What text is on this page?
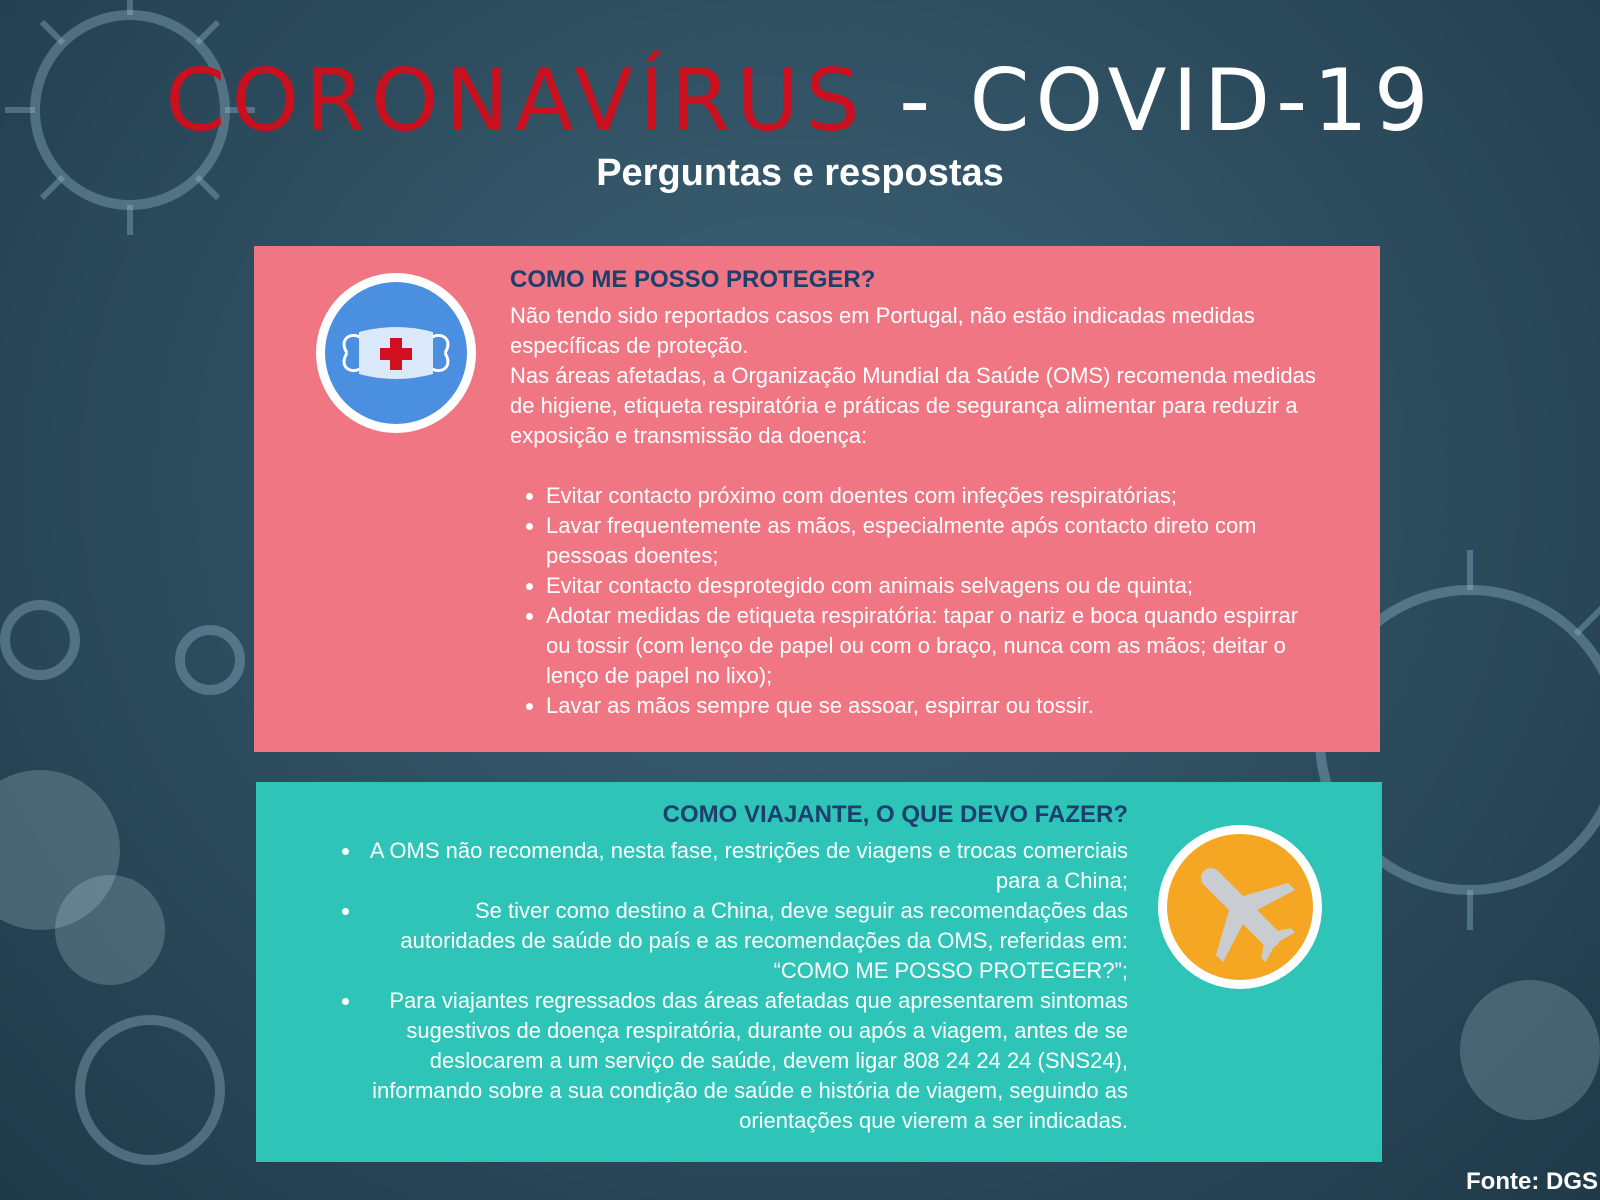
CORONAVÍRUS - COVID-19
Perguntas e respostas
COMO ME POSSO PROTEGER?

Não tendo sido reportados casos em Portugal, não estão indicadas medidas específicas de proteção.

Nas áreas afetadas, a Organização Mundial da Saúde (OMS) recomenda medidas de higiene, etiqueta respiratória e práticas de segurança alimentar para reduzir a exposição e transmissão da doença:

• Evitar contacto próximo com doentes com infeções respiratórias;
• Lavar frequentemente as mãos, especialmente após contacto direto com pessoas doentes;
• Evitar contacto desprotegido com animais selvagens ou de quinta;
• Adotar medidas de etiqueta respiratória: tapar o nariz e boca quando espirrar ou tossir (com lenço de papel ou com o braço, nunca com as mãos; deitar o lenço de papel no lixo);
• Lavar as mãos sempre que se assoar, espirrar ou tossir.
COMO VIAJANTE, O QUE DEVO FAZER?
• A OMS não recomenda, nesta fase, restrições de viagens e trocas comerciais para a China;
• Se tiver como destino a China, deve seguir as recomendações das autoridades de saúde do país e as recomendações da OMS, referidas em: “COMO ME POSSO PROTEGER?”;
• Para viajantes regressados das áreas afetadas que apresentarem sintomas sugestivos de doença respiratória, durante ou após a viagem, antes de se deslocarem a um serviço de saúde, devem ligar 808 24 24 24 (SNS24), informando sobre a sua condição de saúde e história de viagem, seguindo as orientações que vierem a ser indicadas.
Fonte: DGS
